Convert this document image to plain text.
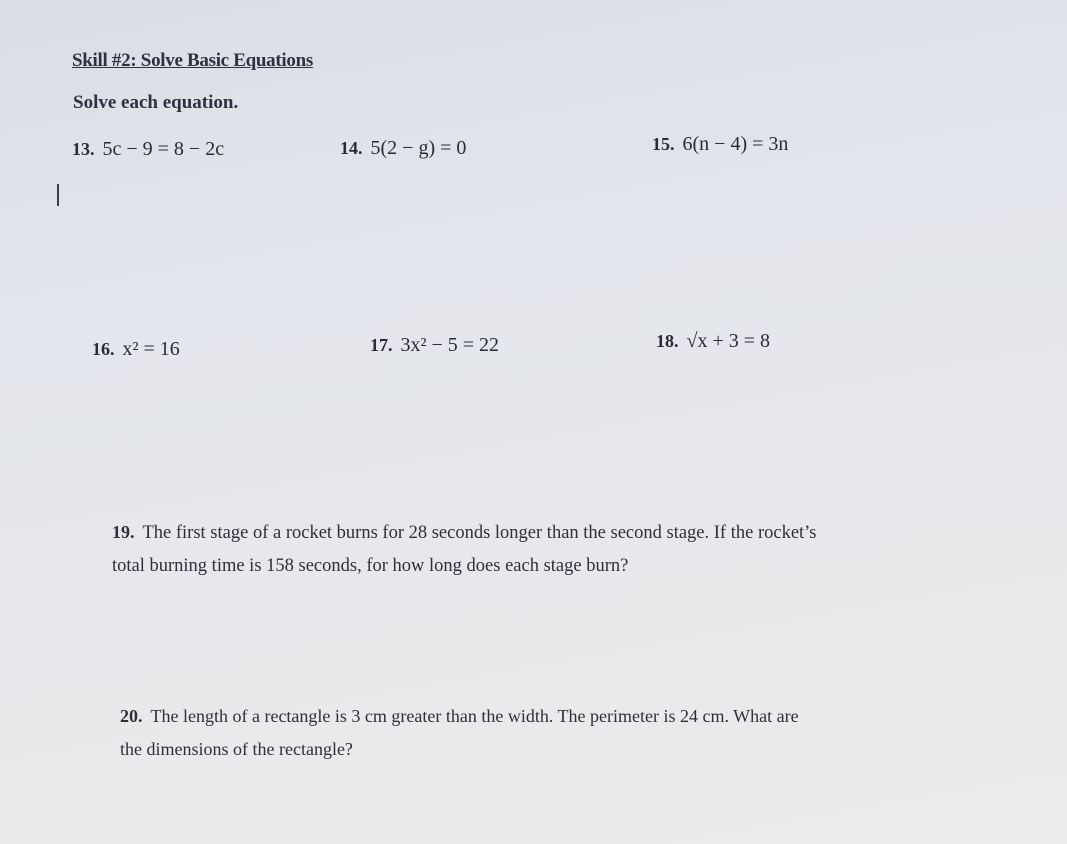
Skill #2: Solve Basic Equations
Solve each equation.
13. 5c − 9 = 8 − 2c	14. 5(2 − g) = 0	15. 6(n − 4) = 3n
16. x² = 16	17. 3x² − 5 = 22	18. √x + 3 = 8
19. The first stage of a rocket burns for 28 seconds longer than the second stage. If the rocket’s
total burning time is 158 seconds, for how long does each stage burn?
20. The length of a rectangle is 3 cm greater than the width. The perimeter is 24 cm. What are
the dimensions of the rectangle?
